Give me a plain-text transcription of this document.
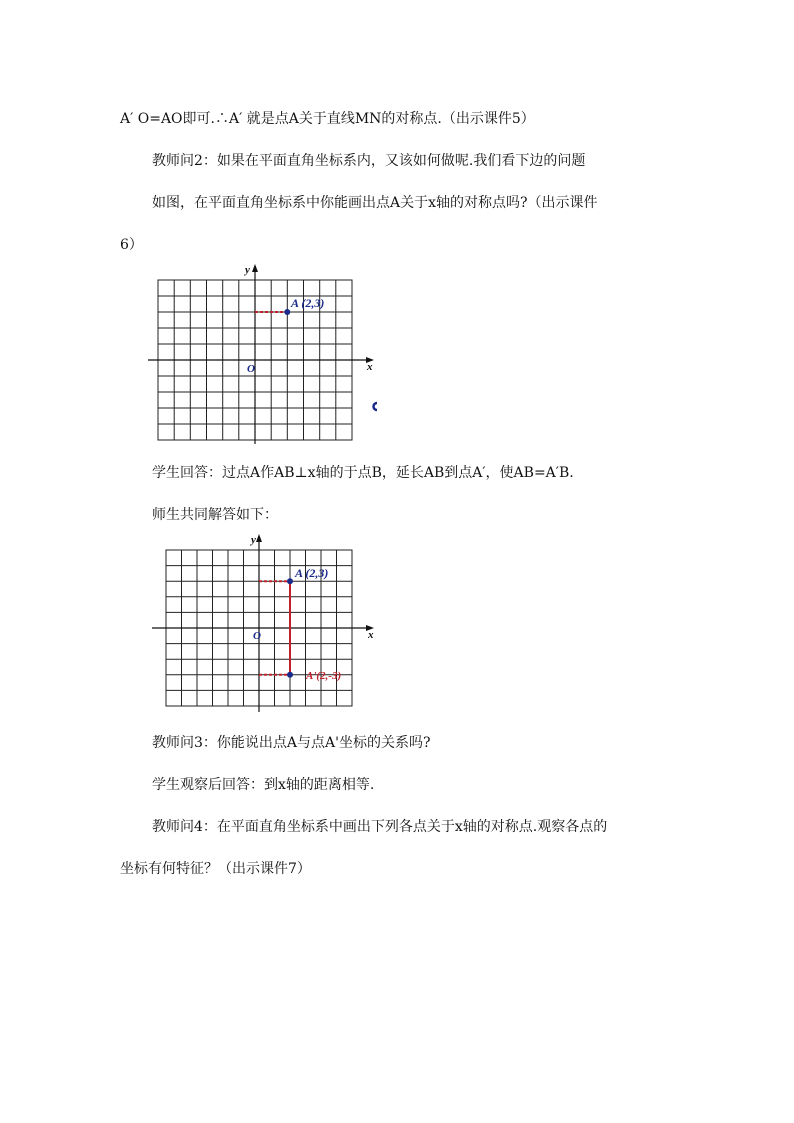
A′ O=AO即可.∴A′ 就是点A关于直线MN的对称点.（出示课件5）
教师问2：如果在平面直角坐标系内，又该如何做呢.我们看下边的问题
如图，在平面直角坐标系中你能画出点A关于x轴的对称点吗?（出示课件
6）
A (2,3)
x
y
O
学生回答：过点A作AB⊥x轴的于点B，延长AB到点A′，使AB=A′B.
师生共同解答如下：
A (2,3)
A'(2,-3)
x
y
O
教师问3：你能说出点A与点A'坐标的关系吗?
学生观察后回答：到x轴的距离相等.
教师问4：在平面直角坐标系中画出下列各点关于x轴的对称点.观察各点的
坐标有何特征？（出示课件7）
